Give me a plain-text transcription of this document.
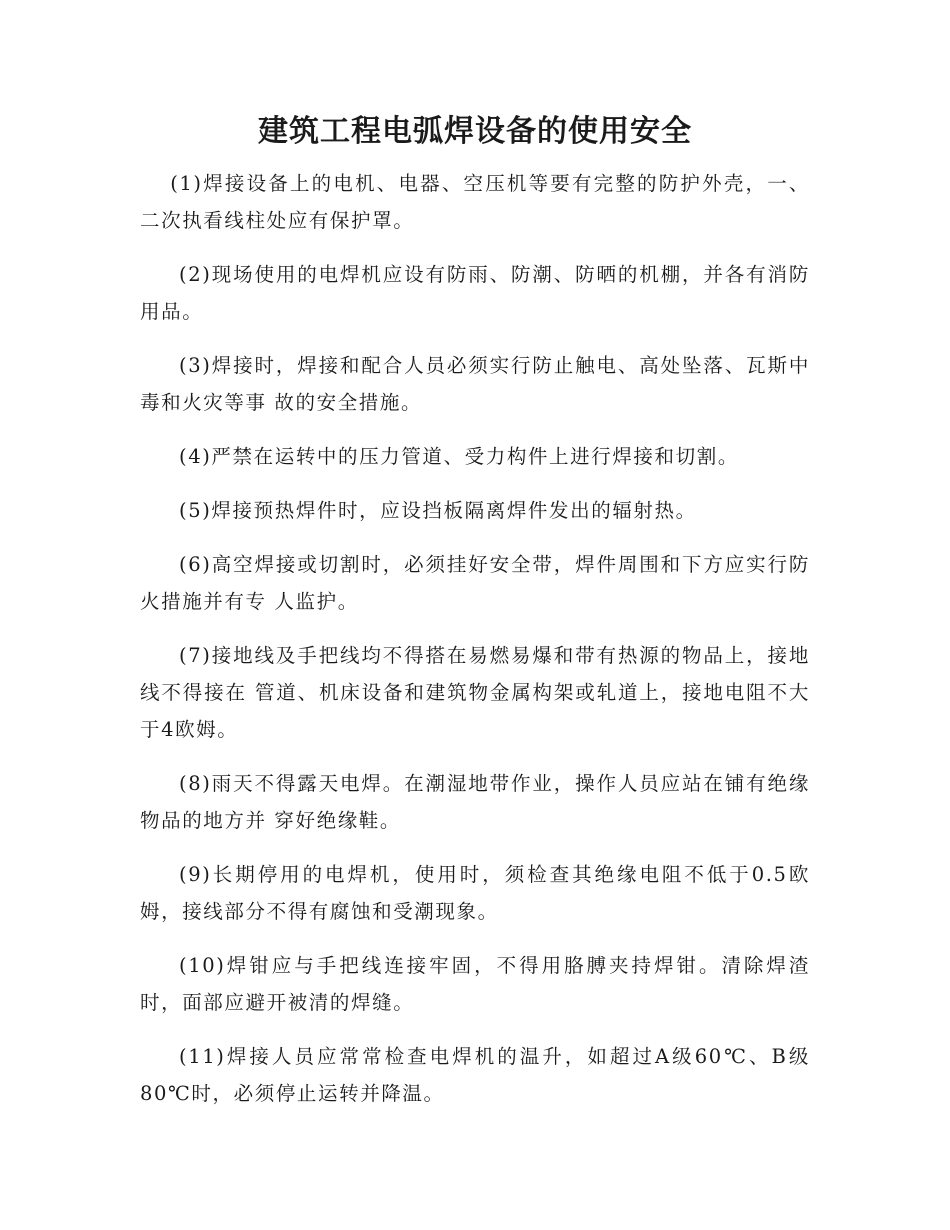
建筑工程电弧焊设备的使用安全

(1)焊接设备上的电机、电器、空压机等要有完整的防护外壳，一、二次执看线柱处应有保护罩。

(2)现场使用的电焊机应设有防雨、防潮、防晒的机棚，并各有消防用品。

(3)焊接时，焊接和配合人员必须实行防止触电、高处坠落、瓦斯中毒和火灾等事 故的安全措施。

(4)严禁在运转中的压力管道、受力构件上进行焊接和切割。

(5)焊接预热焊件时，应设挡板隔离焊件发出的辐射热。

(6)高空焊接或切割时，必须挂好安全带，焊件周围和下方应实行防火措施并有专 人监护。

(7)接地线及手把线均不得搭在易燃易爆和带有热源的物品上，接地线不得接在 管道、机床设备和建筑物金属构架或轧道上，接地电阻不大于4欧姆。

(8)雨天不得露天电焊。在潮湿地带作业，操作人员应站在铺有绝缘物品的地方并 穿好绝缘鞋。

(9)长期停用的电焊机，使用时，须检查其绝缘电阻不低于0.5欧姆，接线部分不得有腐蚀和受潮现象。

(10)焊钳应与手把线连接牢固，不得用胳膊夹持焊钳。清除焊渣时，面部应避开被清的焊缝。

(11)焊接人员应常常检查电焊机的温升，如超过A级60℃、B级80℃时，必须停止运转并降温。
